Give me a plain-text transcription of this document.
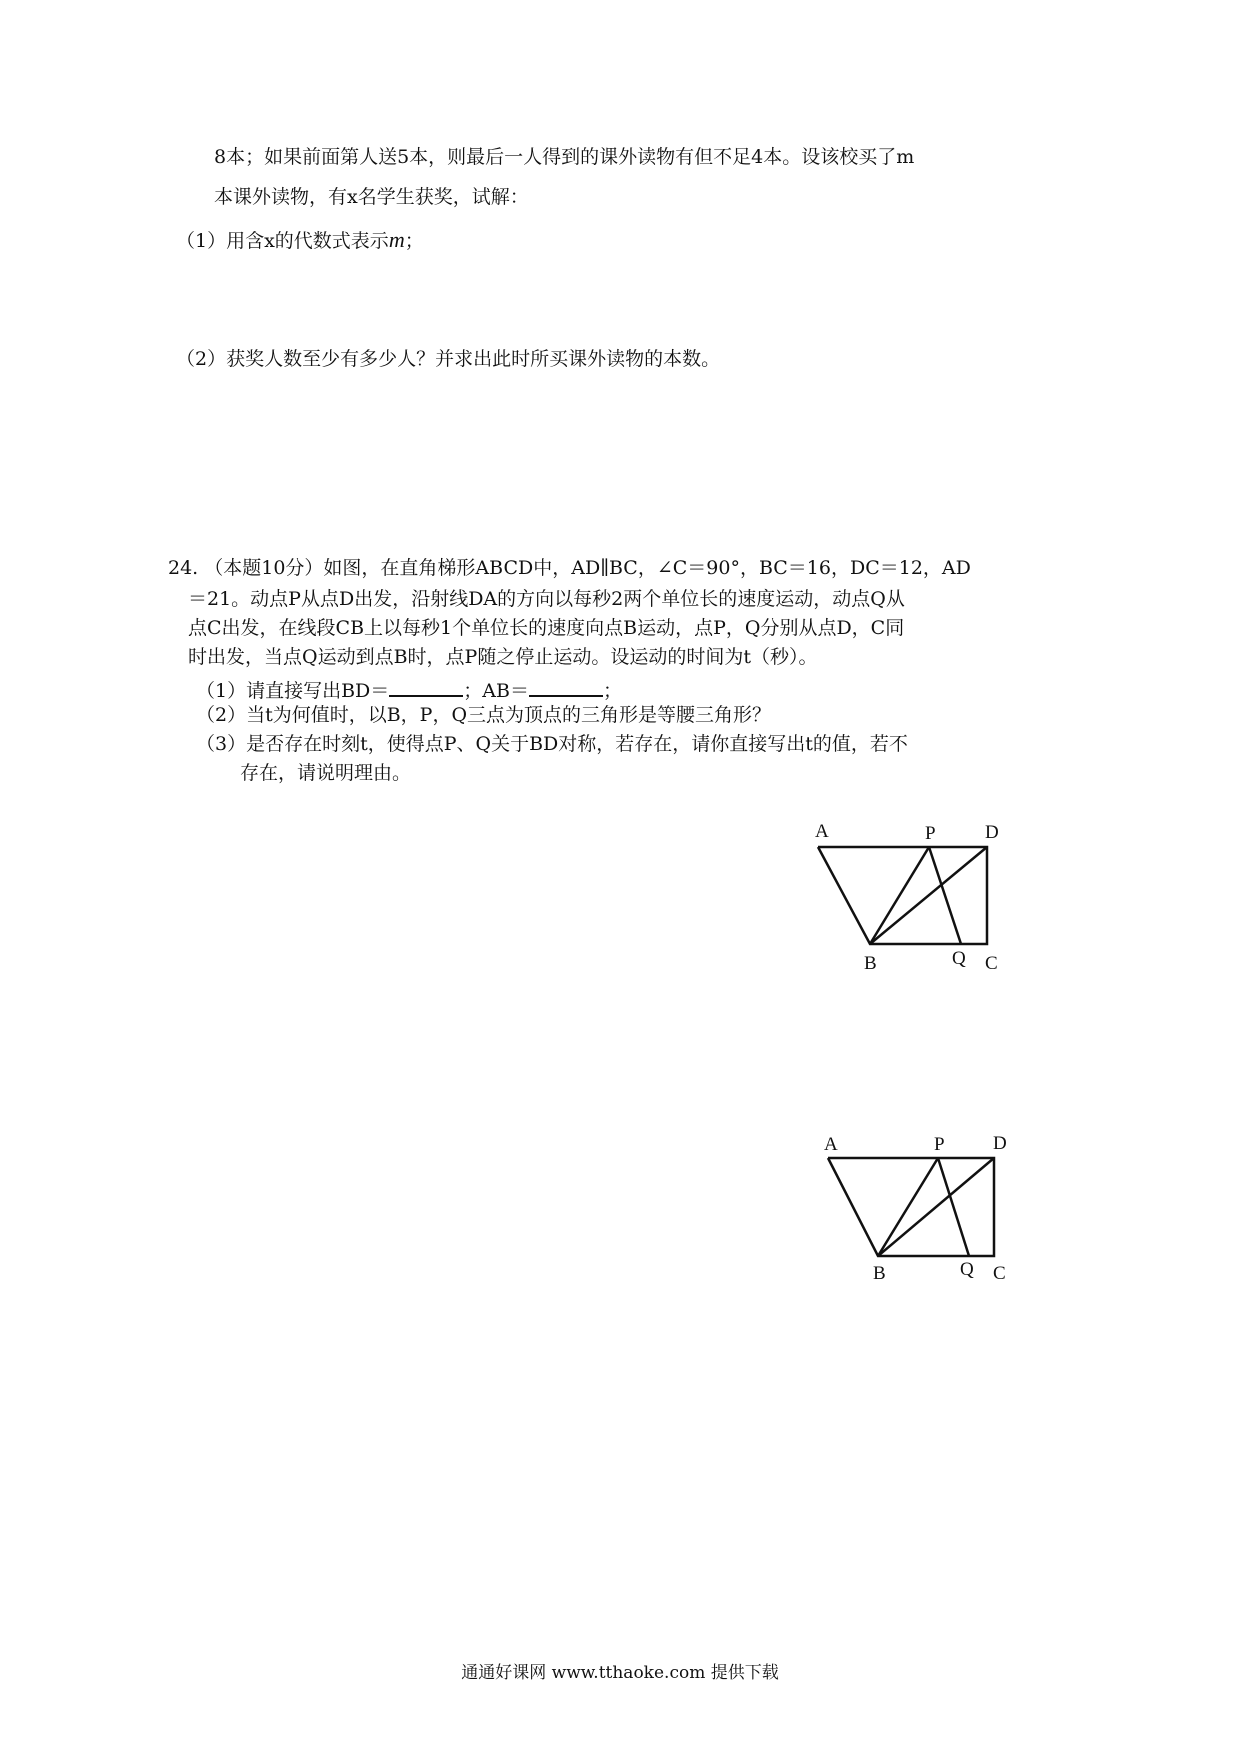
8本；如果前面第人送5本，则最后一人得到的课外读物有但不足4本。设该校买了m
本课外读物，有x名学生获奖，试解：
（1）用含x的代数式表示m；
（2）获奖人数至少有多少人？并求出此时所买课外读物的本数。
24. （本题10分）如图，在直角梯形ABCD中，AD∥BC，∠C＝90°，BC＝16，DC＝12，AD
＝21。动点P从点D出发，沿射线DA的方向以每秒2两个单位长的速度运动，动点Q从
点C出发，在线段CB上以每秒1个单位长的速度向点B运动，点P，Q分别从点D，C同
时出发，当点Q运动到点B时，点P随之停止运动。设运动的时间为t（秒）。
（1）请直接写出BD＝	；AB＝	；
（2）当t为何值时，以B，P，Q三点为顶点的三角形是等腰三角形？
（3）是否存在时刻t，使得点P、Q关于BD对称，若存在，请你直接写出t的值，若不
存在，请说明理由。
A	P	D
B	Q C
A	P	D
B	Q C
通通好课网 www.tthaoke.com 提供下载
